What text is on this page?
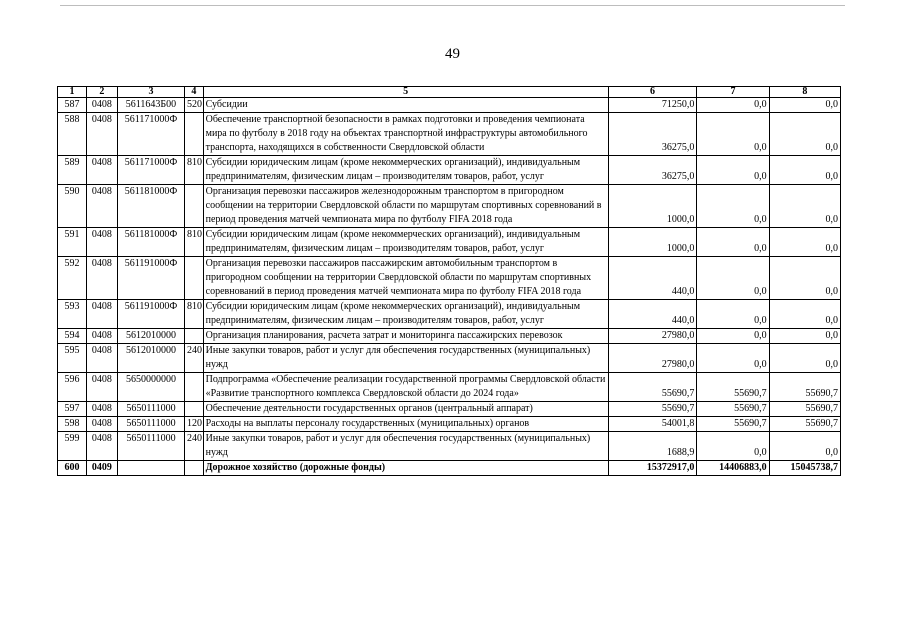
49
1	2	3	4	5	6	7	8
587	0408	5611643Б00	520	Субсидии	71250,0	0,0	0,0
588	0408	561171000Ф		Обеспечение транспортной безопасности в рамках подготовки и проведения чемпионата мира по футболу в 2018 году на объектах транспортной инфраструктуры автомобильного транспорта, находящихся в собственности Свердловской области	36275,0	0,0	0,0
589	0408	561171000Ф	810	Субсидии юридическим лицам (кроме некоммерческих организаций), индивидуальным предпринимателям, физическим лицам – производителям товаров, работ, услуг	36275,0	0,0	0,0
590	0408	561181000Ф		Организация перевозки пассажиров железнодорожным транспортом в пригородном сообщении на территории Свердловской области по маршрутам спортивных соревнований в период проведения матчей чемпионата мира по футболу FIFA 2018 года	1000,0	0,0	0,0
591	0408	561181000Ф	810	Субсидии юридическим лицам (кроме некоммерческих организаций), индивидуальным предпринимателям, физическим лицам – производителям товаров, работ, услуг	1000,0	0,0	0,0
592	0408	561191000Ф		Организация перевозки пассажиров пассажирским автомобильным транспортом в пригородном сообщении на территории Свердловской области по маршрутам спортивных соревнований в период проведения матчей чемпионата мира по футболу FIFA 2018 года	440,0	0,0	0,0
593	0408	561191000Ф	810	Субсидии юридическим лицам (кроме некоммерческих организаций), индивидуальным предпринимателям, физическим лицам – производителям товаров, работ, услуг	440,0	0,0	0,0
594	0408	5612010000		Организация планирования, расчета затрат и мониторинга пассажирских перевозок	27980,0	0,0	0,0
595	0408	5612010000	240	Иные закупки товаров, работ и услуг для обеспечения государственных (муниципальных) нужд	27980,0	0,0	0,0
596	0408	5650000000		Подпрограмма «Обеспечение реализации государственной программы Свердловской области «Развитие транспортного комплекса Свердловской области до 2024 года»	55690,7	55690,7	55690,7
597	0408	5650111000		Обеспечение деятельности государственных органов (центральный аппарат)	55690,7	55690,7	55690,7
598	0408	5650111000	120	Расходы на выплаты персоналу государственных (муниципальных) органов	54001,8	55690,7	55690,7
599	0408	5650111000	240	Иные закупки товаров, работ и услуг для обеспечения государственных (муниципальных) нужд	1688,9	0,0	0,0
600	0409			Дорожное хозяйство (дорожные фонды)	15372917,0	14406883,0	15045738,7
